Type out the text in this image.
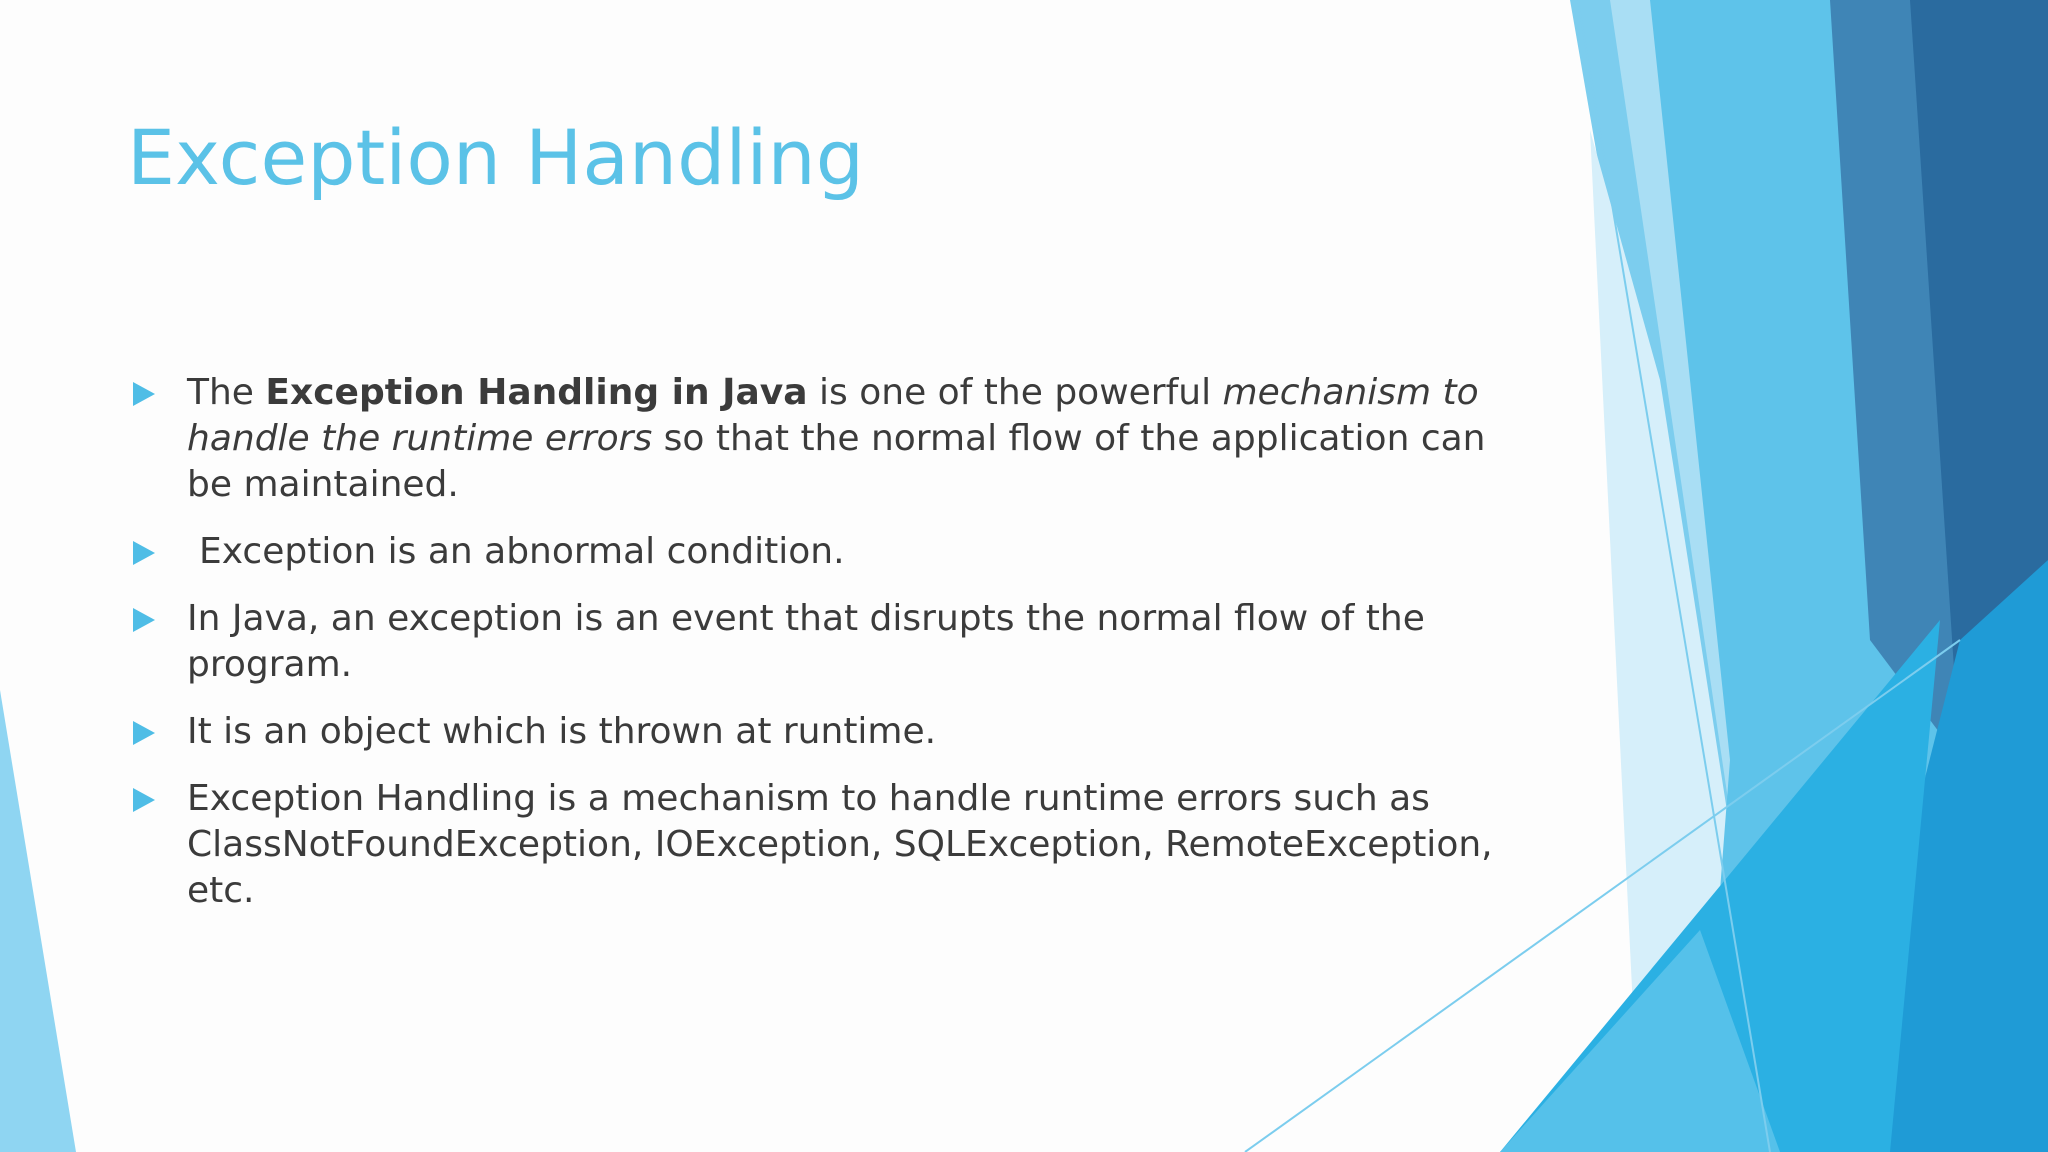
Exception Handling
The Exception Handling in Java is one of the powerful mechanism to handle the runtime errors so that the normal flow of the application can be maintained.
Exception is an abnormal condition.
In Java, an exception is an event that disrupts the normal flow of the program.
It is an object which is thrown at runtime.
Exception Handling is a mechanism to handle runtime errors such as ClassNotFoundException, IOException, SQLException, RemoteException, etc.
